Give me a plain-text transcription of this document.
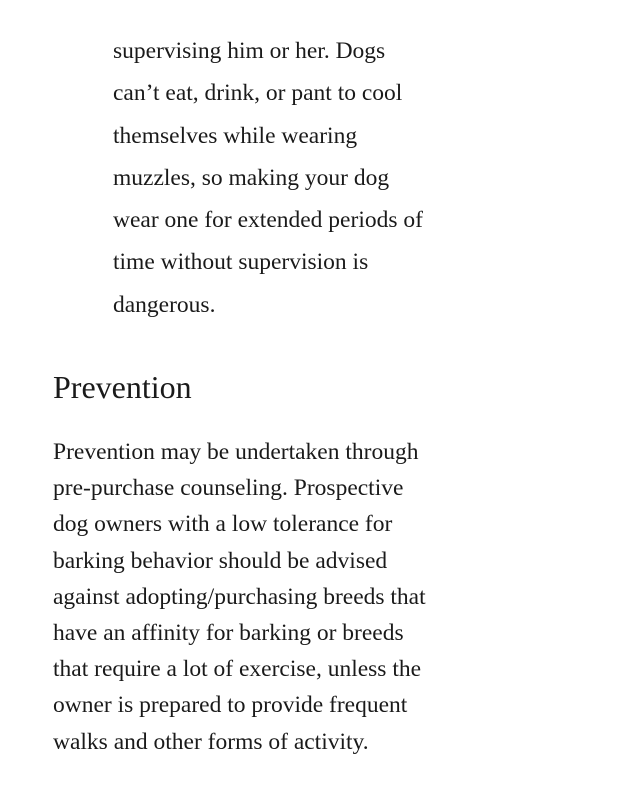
supervising him or her. Dogs
can’t eat, drink, or pant to cool
themselves while wearing
muzzles, so making your dog
wear one for extended periods of
time without supervision is
dangerous.

Prevention

Prevention may be undertaken through
pre-purchase counseling. Prospective
dog owners with a low tolerance for
barking behavior should be advised
against adopting/purchasing breeds that
have an affinity for barking or breeds
that require a lot of exercise, unless the
owner is prepared to provide frequent
walks and other forms of activity.
